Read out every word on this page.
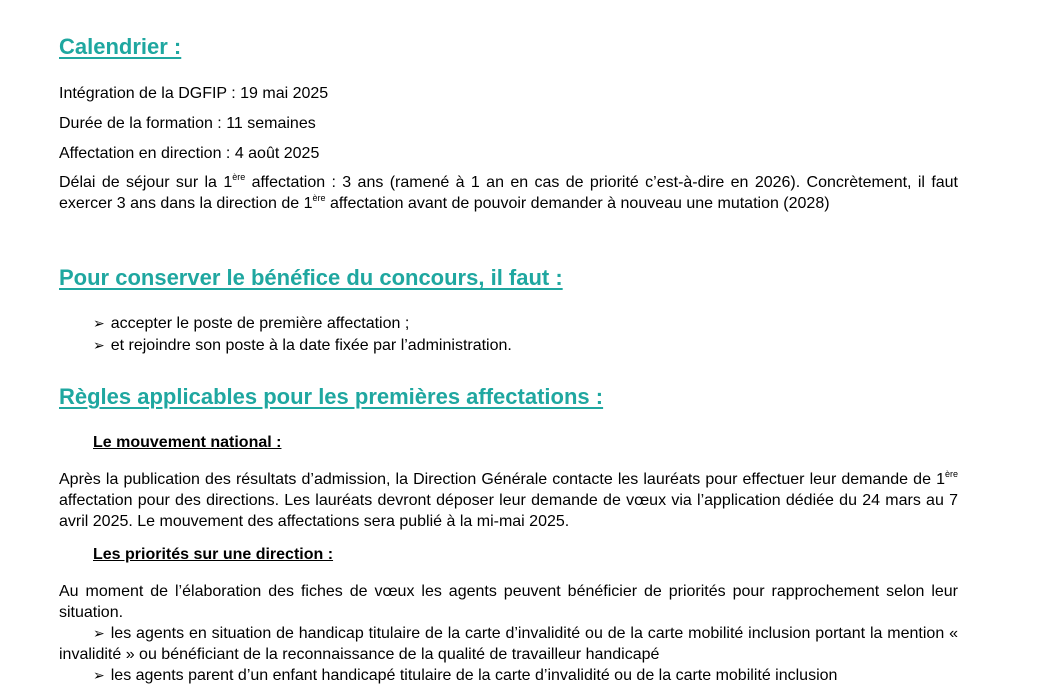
Calendrier :

Intégration de la DGFIP : 19 mai 2025

Durée de la formation : 11 semaines

Affectation en direction : 4 août 2025

Délai de séjour sur la 1ère affectation : 3 ans (ramené à 1 an en cas de priorité c’est-à-dire en 2026). Concrètement, il faut exercer 3 ans dans la direction de 1ère affectation avant de pouvoir demander à nouveau une mutation (2028)

Pour conserver le bénéfice du concours, il faut :
➢ accepter le poste de première affectation ;
➢ et rejoindre son poste à la date fixée par l’administration.
Règles applicables pour les premières affectations :
Le mouvement national :

Après la publication des résultats d’admission, la Direction Générale contacte les lauréats pour effectuer leur demande de 1ère affectation pour des directions. Les lauréats devront déposer leur demande de vœux via l’application dédiée du 24 mars au 7 avril 2025. Le mouvement des affectations sera publié à la mi-mai 2025.

Les priorités sur une direction :

Au moment de l’élaboration des fiches de vœux les agents peuvent bénéficier de priorités pour rapprochement selon leur situation.

➢ les agents en situation de handicap titulaire de la carte d’invalidité ou de la carte mobilité inclusion portant la mention « invalidité » ou bénéficiant de la reconnaissance de la qualité de travailleur handicapé

➢ les agents parent d’un enfant handicapé titulaire de la carte d’invalidité ou de la carte mobilité inclusion
